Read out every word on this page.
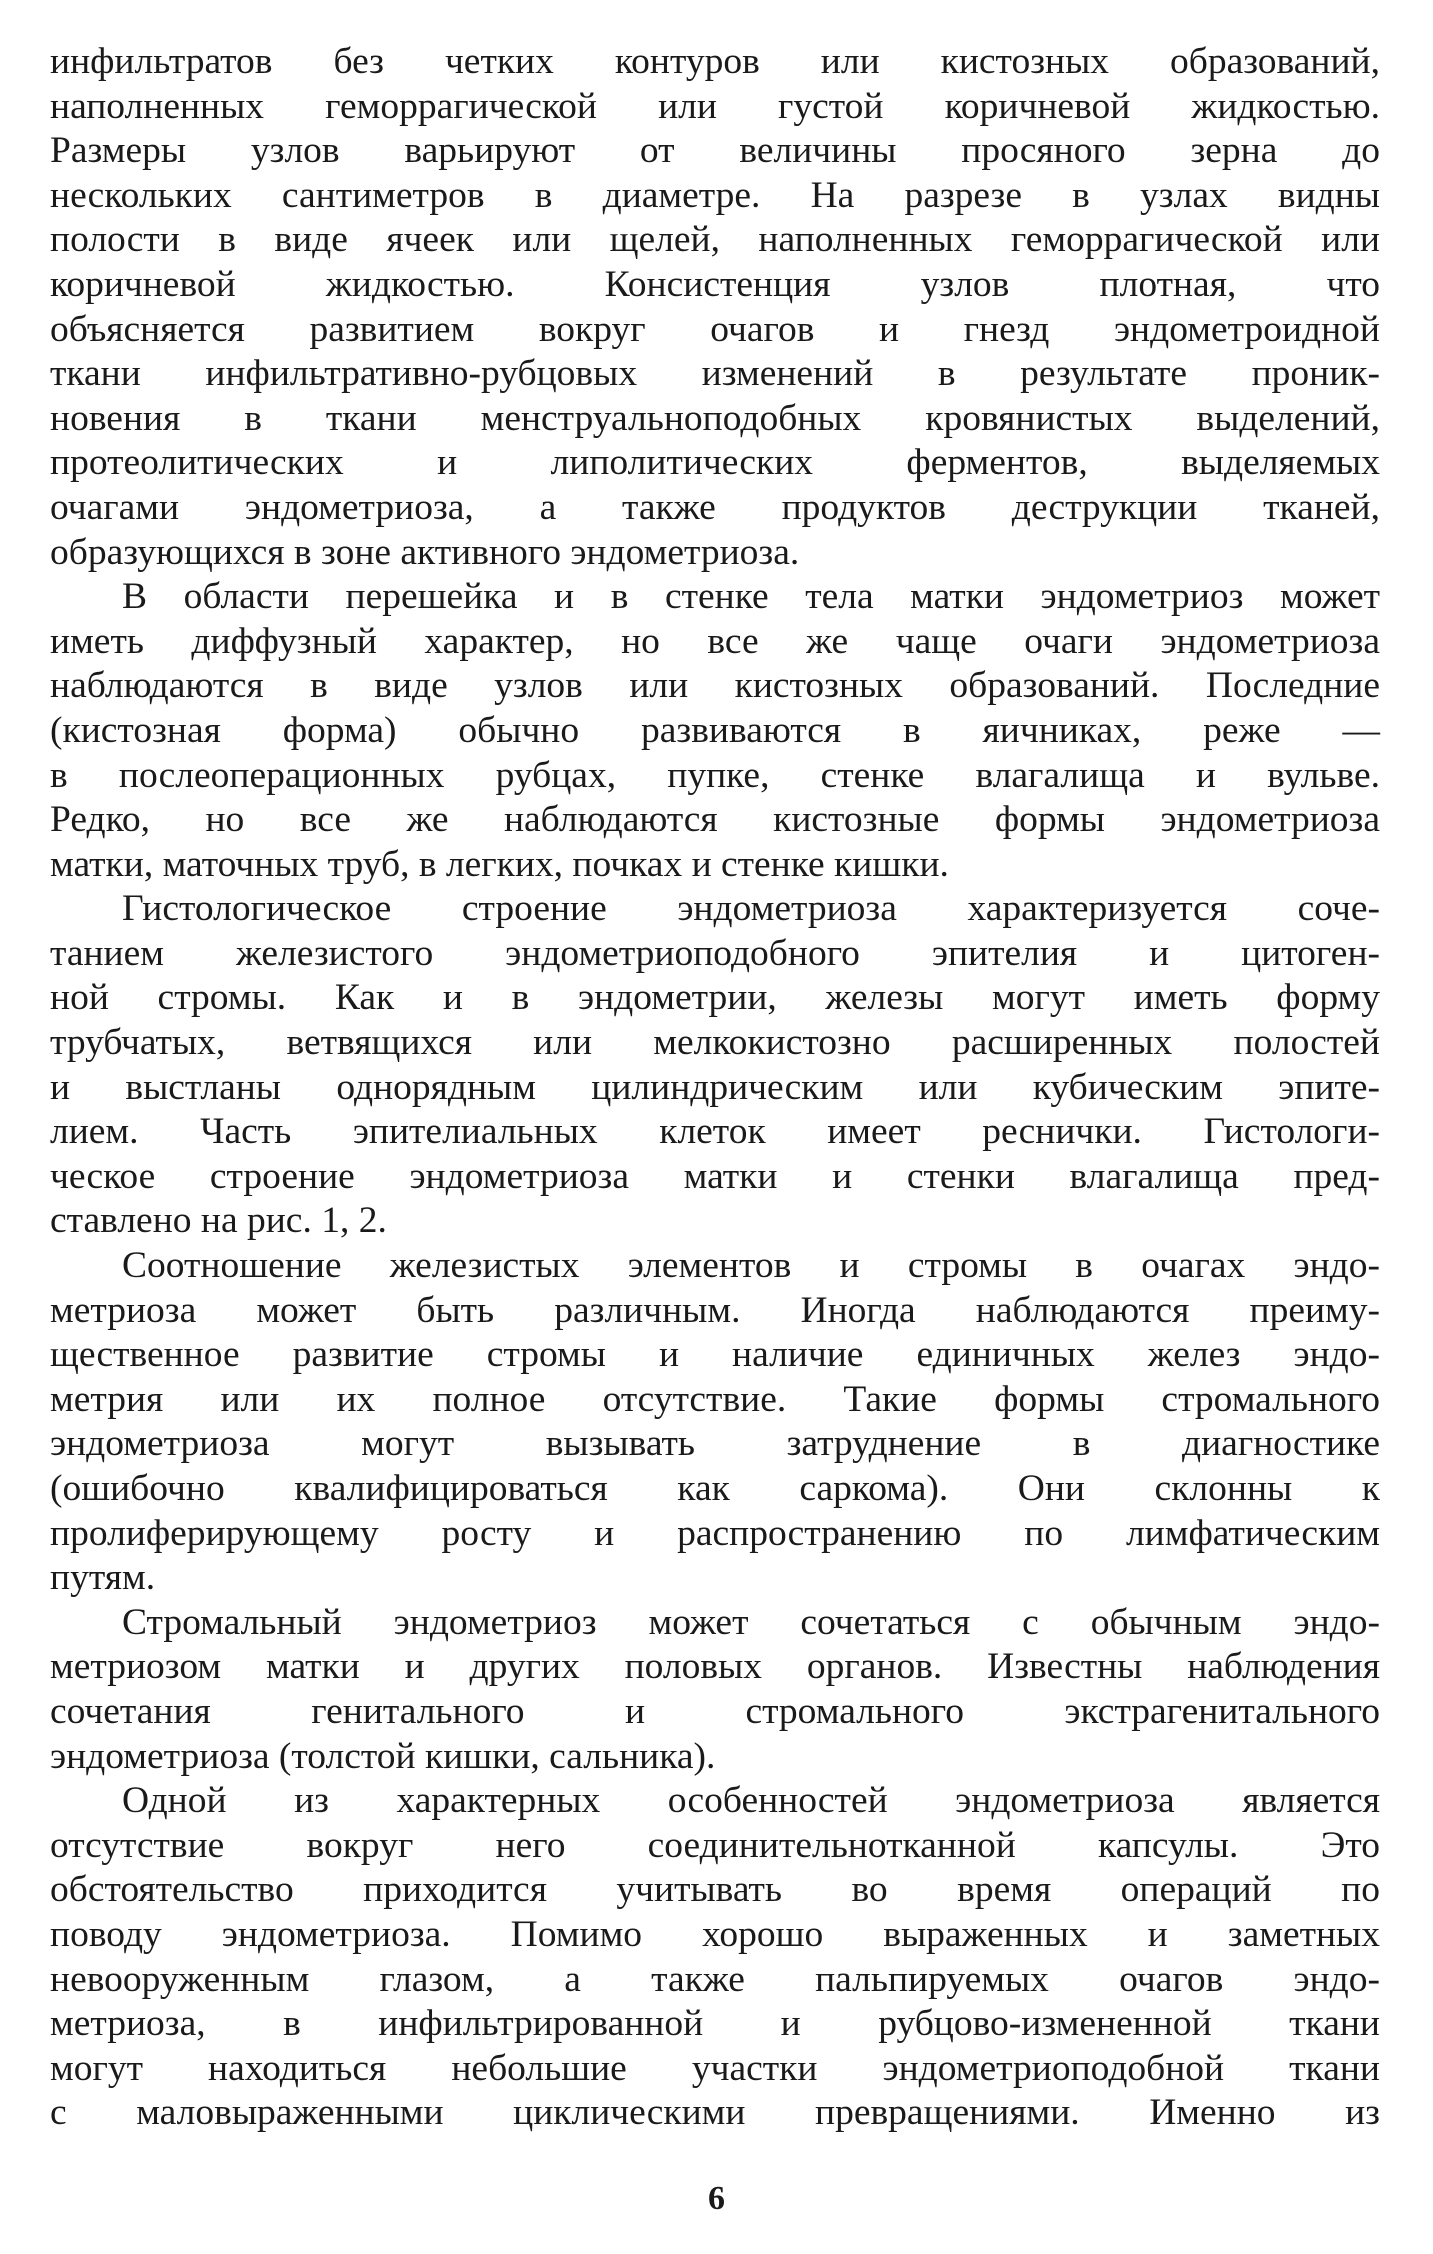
инфильтратов без четких контуров или кистозных образований,
наполненных геморрагической или густой коричневой жидкостью.
Размеры узлов варьируют от величины просяного зерна до
нескольких сантиметров в диаметре. На разрезе в узлах видны
полости в виде ячеек или щелей, наполненных геморрагической или
коричневой жидкостью. Консистенция узлов плотная, что
объясняется развитием вокруг очагов и гнезд эндометроидной
ткани инфильтративно-рубцовых изменений в результате проник-
новения в ткани менструальноподобных кровянистых выделений,
протеолитических и липолитических ферментов, выделяемых
очагами эндометриоза, а также продуктов деструкции тканей,
образующихся в зоне активного эндометриоза.
В области перешейка и в стенке тела матки эндометриоз может
иметь диффузный характер, но все же чаще очаги эндометриоза
наблюдаются в виде узлов или кистозных образований. Последние
(кистозная форма) обычно развиваются в яичниках, реже —
в послеоперационных рубцах, пупке, стенке влагалища и вульве.
Редко, но все же наблюдаются кистозные формы эндометриоза
матки, маточных труб, в легких, почках и стенке кишки.
Гистологическое строение эндометриоза характеризуется соче-
танием железистого эндометриоподобного эпителия и цитоген-
ной стромы. Как и в эндометрии, железы могут иметь форму
трубчатых, ветвящихся или мелкокистозно расширенных полостей
и выстланы однорядным цилиндрическим или кубическим эпите-
лием. Часть эпителиальных клеток имеет реснички. Гистологи-
ческое строение эндометриоза матки и стенки влагалища пред-
ставлено на рис. 1, 2.
Соотношение железистых элементов и стромы в очагах эндо-
метриоза может быть различным. Иногда наблюдаются преиму-
щественное развитие стромы и наличие единичных желез эндо-
метрия или их полное отсутствие. Такие формы стромального
эндометриоза могут вызывать затруднение в диагностике
(ошибочно квалифицироваться как саркома). Они склонны к
пролиферирующему росту и распространению по лимфатическим
путям.
Стромальный эндометриоз может сочетаться с обычным эндо-
метриозом матки и других половых органов. Известны наблюдения
сочетания генитального и стромального экстрагенитального
эндометриоза (толстой кишки, сальника).
Одной из характерных особенностей эндометриоза является
отсутствие вокруг него соединительнотканной капсулы. Это
обстоятельство приходится учитывать во время операций по
поводу эндометриоза. Помимо хорошо выраженных и заметных
невооруженным глазом, а также пальпируемых очагов эндо-
метриоза, в инфильтрированной и рубцово-измененной ткани
могут находиться небольшие участки эндометриоподобной ткани
с маловыраженными циклическими превращениями. Именно из
6
